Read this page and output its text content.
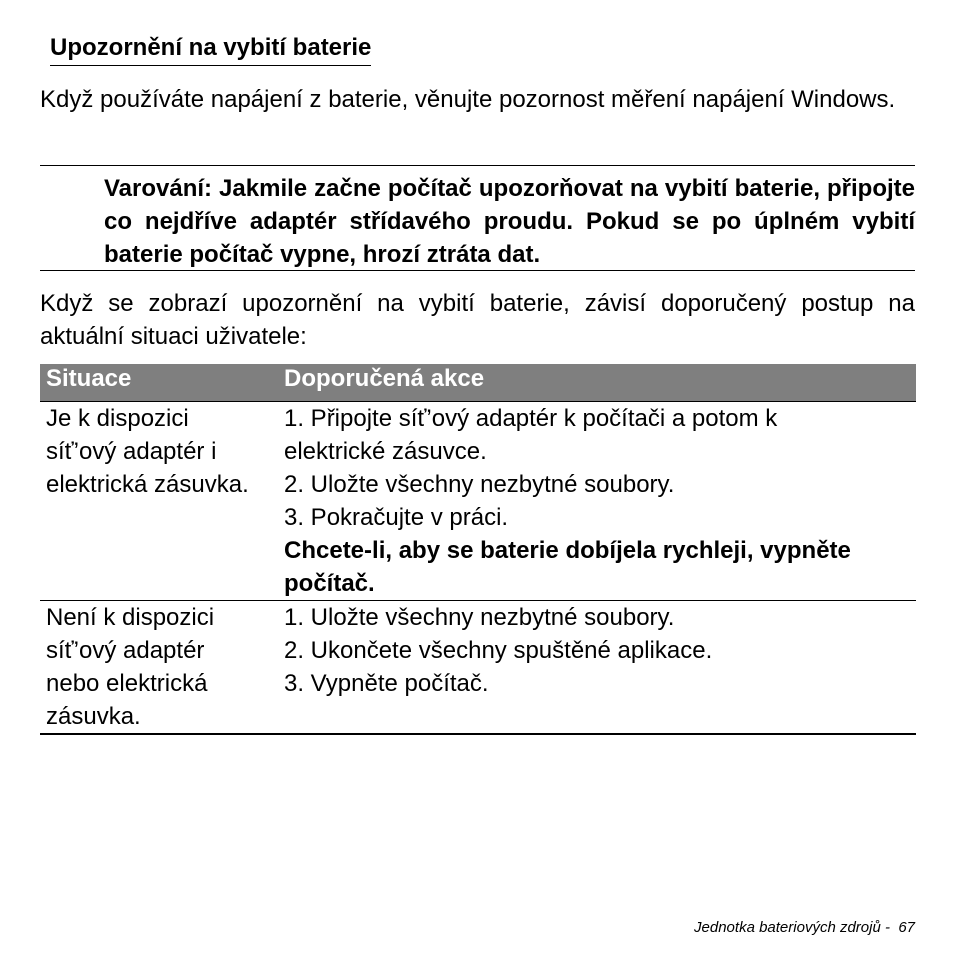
Upozornění na vybití baterie

Když používáte napájení z baterie, věnujte pozornost měření napájení Windows.

Varování: Jakmile začne počítač upozorňovat na vybití baterie, připojte co nejdříve adaptér střídavého proudu. Pokud se po úplném vybití baterie počítač vypne, hrozí ztráta dat.

Když se zobrazí upozornění na vybití baterie, závisí doporučený postup na aktuální situaci uživatele:

Situace	Doporučená akce
Je k dispozici
síť’ový adaptér i
elektrická zásuvka.
1. Připojte síť’ový adaptér k počítači a potom k
elektrické zásuvce.
2. Uložte všechny nezbytné soubory.
3. Pokračujte v práci.
Chcete-li, aby se baterie dobíjela rychleji, vypněte počítač.
Není k dispozici
síť’ový adaptér
nebo elektrická
zásuvka.
1. Uložte všechny nezbytné soubory.
2. Ukončete všechny spuštěné aplikace.
3. Vypněte počítač.
Jednotka bateriových zdrojů - 67
